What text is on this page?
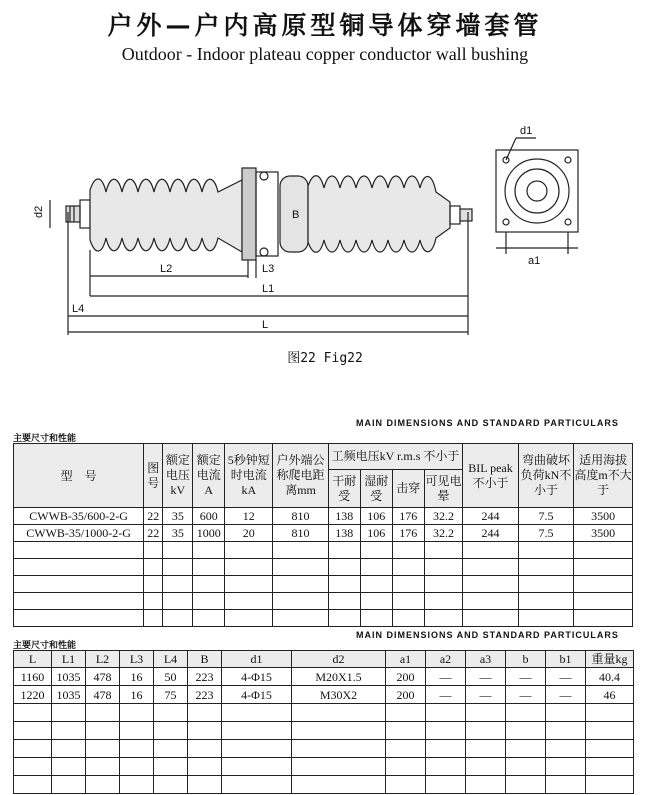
户外—户内高原型铜导体穿墙套管
Outdoor - Indoor plateau copper conductor wall bushing
d2	B
L2	L3
L1
L4
L
a1
d1
图22 Fig22
主要尺寸和性能
MAIN DIMENSIONS AND STANDARD PARTICULARS
型　号	图号	额定电压kV	额定电流A	5秒钟短时电流kA	户外端公称爬电距离mm	工频电压kV r.m.s 不小于				BIL peak不小于	弯曲破坏负荷kN不小于	适用海拔高度m不大于
						干耐受	湿耐受	击穿	可见电晕			
CWWB-35/600-2-G	22	35	600	12	810	138	106	176	32.2	244	7.5	3500
CWWB-35/1000-2-G	22	35	1000	20	810	138	106	176	32.2	244	7.5	3500

主要尺寸和性能
MAIN DIMENSIONS AND STANDARD PARTICULARS
L	L1	L2	L3	L4	B	d1	d2	a1	a2	a3	b	b1	重量kg
1160	1035	478	16	50	223	4-Φ15	M20X1.5	200	—	—	—	—	40.4
1220	1035	478	16	75	223	4-Φ15	M30X2	200	—	—	—	—	46
